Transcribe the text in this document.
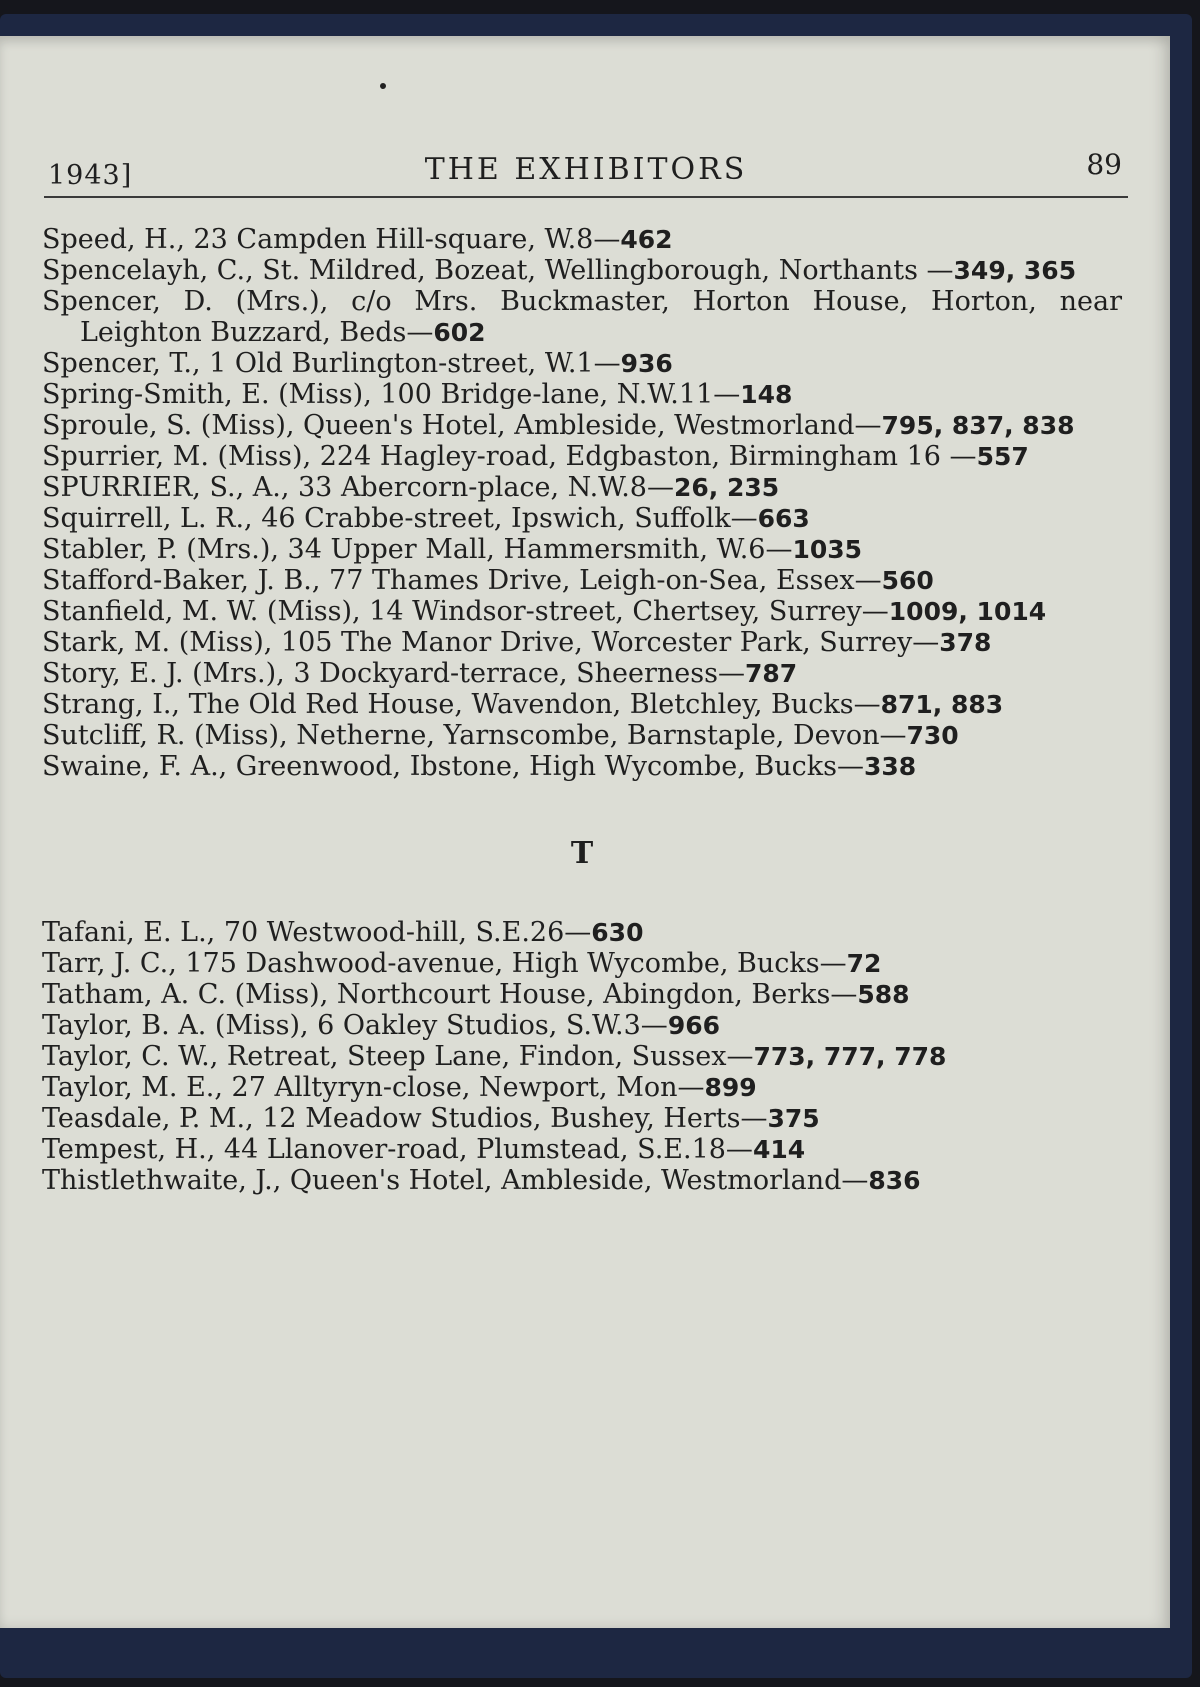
1943]	THE EXHIBITORS	89

Speed, H., 23 Campden Hill-square, W.8—462

Spencelayh, C., St. Mildred, Bozeat, Wellingborough, Northants —349, 365

Spencer, D. (Mrs.), c/o Mrs. Buckmaster, Horton House, Horton, near Leighton Buzzard, Beds—602

Spencer, T., 1 Old Burlington-street, W.1—936

Spring-Smith, E. (Miss), 100 Bridge-lane, N.W.11—148

Sproule, S. (Miss), Queen's Hotel, Ambleside, Westmorland—795, 837, 838

Spurrier, M. (Miss), 224 Hagley-road, Edgbaston, Birmingham 16 —557

SPURRIER, S., A., 33 Abercorn-place, N.W.8—26, 235

Squirrell, L. R., 46 Crabbe-street, Ipswich, Suffolk—663

Stabler, P. (Mrs.), 34 Upper Mall, Hammersmith, W.6—1035

Stafford-Baker, J. B., 77 Thames Drive, Leigh-on-Sea, Essex—560

Stanfield, M. W. (Miss), 14 Windsor-street, Chertsey, Surrey—1009, 1014

Stark, M. (Miss), 105 The Manor Drive, Worcester Park, Surrey—378

Story, E. J. (Mrs.), 3 Dockyard-terrace, Sheerness—787

Strang, I., The Old Red House, Wavendon, Bletchley, Bucks—871, 883

Sutcliff, R. (Miss), Netherne, Yarnscombe, Barnstaple, Devon—730

Swaine, F. A., Greenwood, Ibstone, High Wycombe, Bucks—338

T

Tafani, E. L., 70 Westwood-hill, S.E.26—630

Tarr, J. C., 175 Dashwood-avenue, High Wycombe, Bucks—72

Tatham, A. C. (Miss), Northcourt House, Abingdon, Berks—588

Taylor, B. A. (Miss), 6 Oakley Studios, S.W.3—966

Taylor, C. W., Retreat, Steep Lane, Findon, Sussex—773, 777, 778

Taylor, M. E., 27 Alltyryn-close, Newport, Mon—899

Teasdale, P. M., 12 Meadow Studios, Bushey, Herts—375

Tempest, H., 44 Llanover-road, Plumstead, S.E.18—414

Thistlethwaite, J., Queen's Hotel, Ambleside, Westmorland—836
